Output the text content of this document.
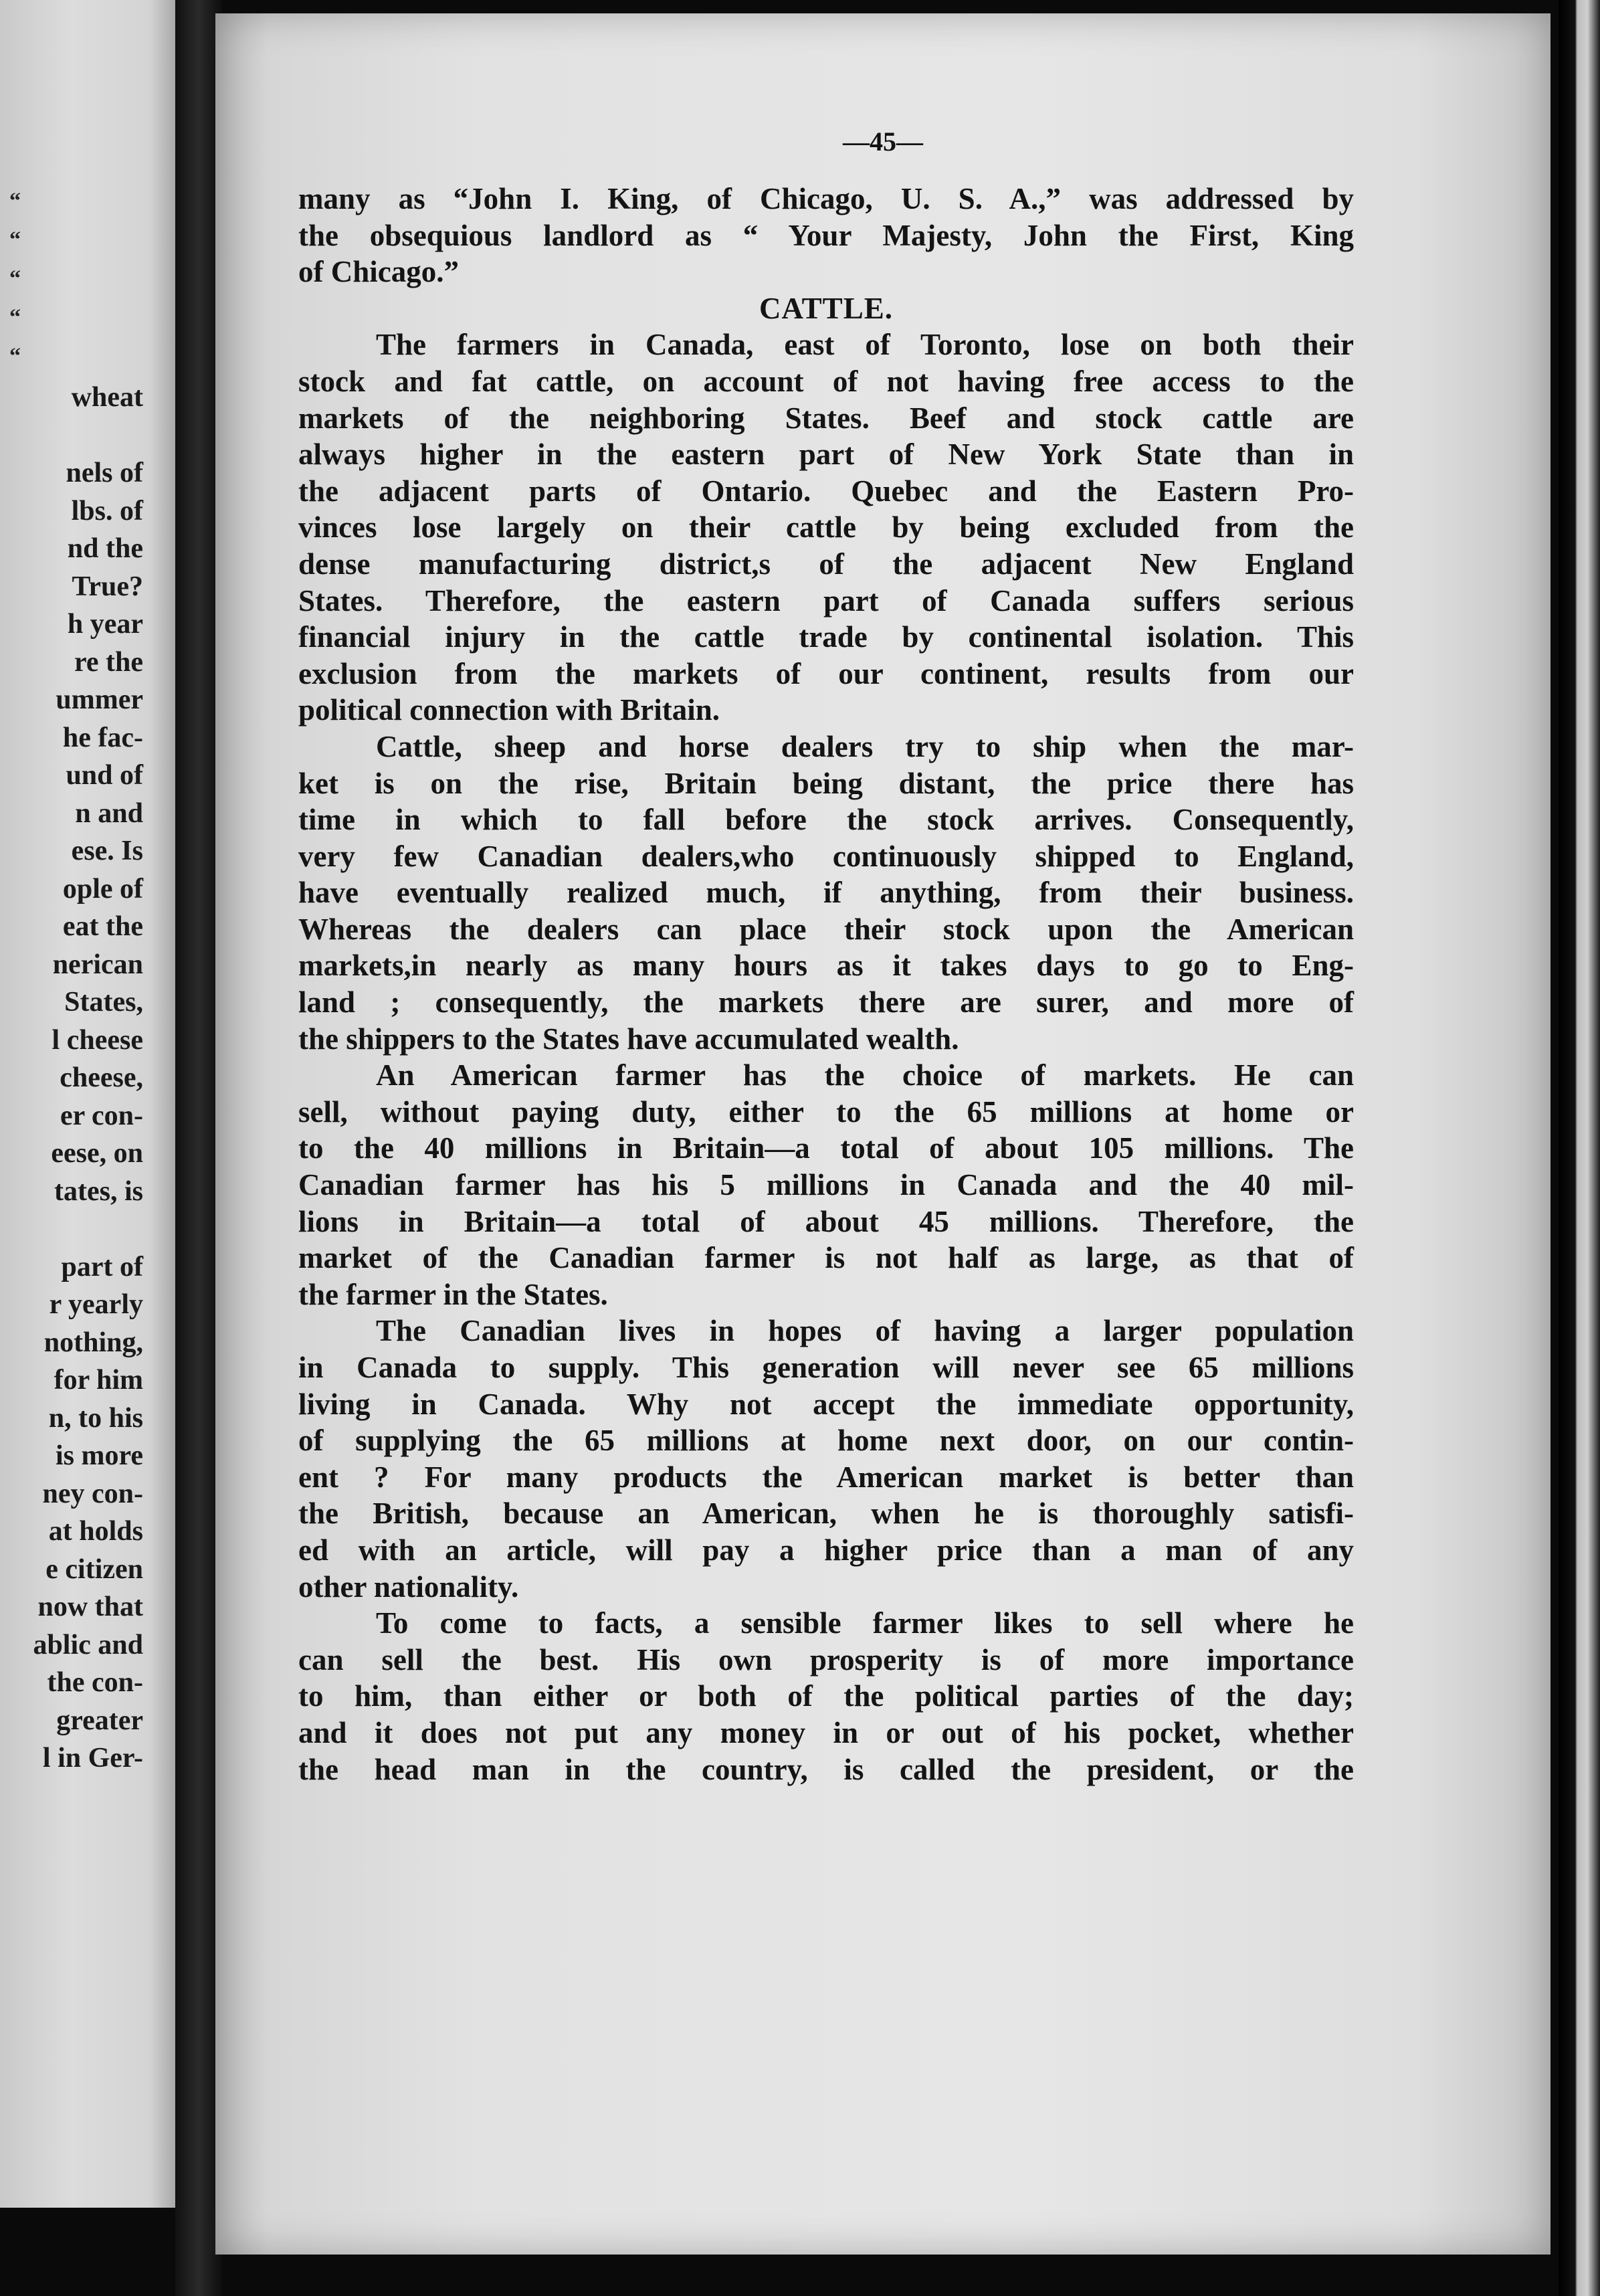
“
“
“
“
“
wheat
nels of
lbs. of
nd the
True?
h year
re the
ummer
he fac-
und of
n and
ese. Is
ople of
eat the
nerican
States,
l cheese
cheese,
er con-
eese, on
tates, is
part of
r yearly
nothing,
for him
n, to his
is more
ney con-
at holds
e citizen
now that
ablic and
the con-
greater
l in Ger-
—45—
many as “John I. King, of Chicago, U. S. A.,” was addressed by
the obsequious landlord as “ Your Majesty, John the First, King
of Chicago.”

CATTLE.

The farmers in Canada, east of Toronto, lose on both their
stock and fat cattle, on account of not having free access to the
markets of the neighboring States. Beef and stock cattle are
always higher in the eastern part of New York State than in
the adjacent parts of Ontario. Quebec and the Eastern Pro-
vinces lose largely on their cattle by being excluded from the
dense manufacturing district,s of the adjacent New England
States. Therefore, the eastern part of Canada suffers serious
financial injury in the cattle trade by continental isolation. This
exclusion from the markets of our continent, results from our
political connection with Britain.
Cattle, sheep and horse dealers try to ship when the mar-
ket is on the rise, Britain being distant, the price there has
time in which to fall before the stock arrives. Consequently,
very few Canadian dealers,who continuously shipped to England,
have eventually realized much, if anything, from their business.
Whereas the dealers can place their stock upon the American
markets,in nearly as many hours as it takes days to go to Eng-
land ; consequently, the markets there are surer, and more of
the shippers to the States have accumulated wealth.
An American farmer has the choice of markets. He can
sell, without paying duty, either to the 65 millions at home or
to the 40 millions in Britain—a total of about 105 millions. The
Canadian farmer has his 5 millions in Canada and the 40 mil-
lions in Britain—a total of about 45 millions. Therefore, the
market of the Canadian farmer is not half as large, as that of
the farmer in the States.
The Canadian lives in hopes of having a larger population
in Canada to supply. This generation will never see 65 millions
living in Canada. Why not accept the immediate opportunity,
of supplying the 65 millions at home next door, on our contin-
ent ? For many products the American market is better than
the British, because an American, when he is thoroughly satisfi-
ed with an article, will pay a higher price than a man of any
other nationality.
To come to facts, a sensible farmer likes to sell where he
can sell the best. His own prosperity is of more importance
to him, than either or both of the political parties of the day;
and it does not put any money in or out of his pocket, whether
the head man in the country, is called the president, or the
